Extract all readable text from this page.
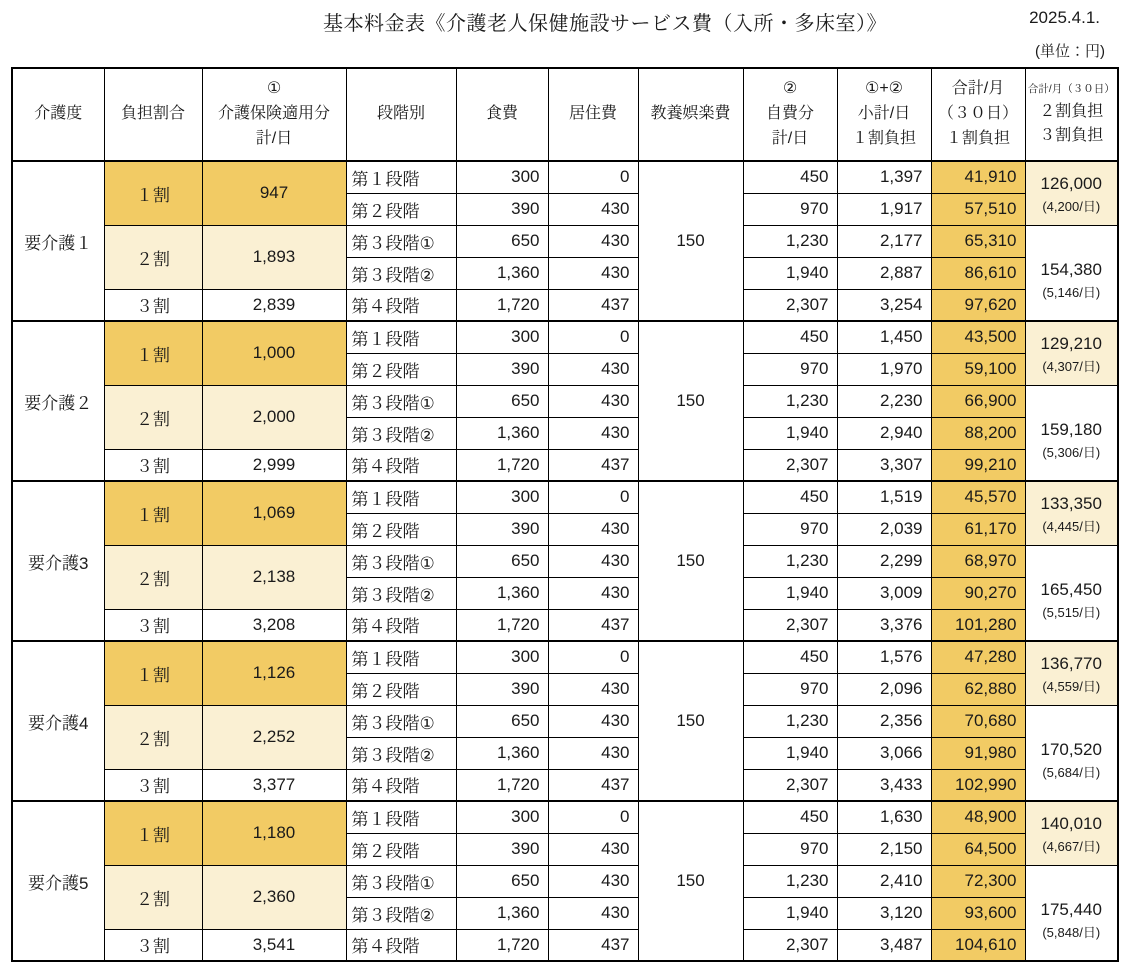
基本料金表《介護老人保健施設サービス費（入所・多床室）》	2025.4.1.
(単位：円)
介護度	負担割合	
①
介護保険適用分
計/日
	段階別	食費	居住費	教養娯楽費	
②
自費分
計/日

①+②
小計/日
１割負担

合計/月
（３０日）
１割負担

合計/月（３０日）
２割負担
３割負担

要介護１	１割	947	第１段階	300	0	150	450	1,397	41,910	126,000
(4,200/日)

			第２段階	390	430		970	1,917	57,510	
	２割	1,893	第３段階①	650	430		1,230	2,177	65,310	154,380
(5,146/日)

			第３段階②	1,360	430		1,940	2,887	86,610	
	３割	2,839	第４段階	1,720	437		2,307	3,254	97,620	
要介護２	１割	1,000	第１段階	300	0	150	450	1,450	43,500	129,210
(4,307/日)

			第２段階	390	430		970	1,970	59,100	
	２割	2,000	第３段階①	650	430		1,230	2,230	66,900	159,180
(5,306/日)

			第３段階②	1,360	430		1,940	2,940	88,200	
	３割	2,999	第４段階	1,720	437		2,307	3,307	99,210	
要介護3	１割	1,069	第１段階	300	0	150	450	1,519	45,570	133,350
(4,445/日)

			第２段階	390	430		970	2,039	61,170	
	２割	2,138	第３段階①	650	430		1,230	2,299	68,970	165,450
(5,515/日)

			第３段階②	1,360	430		1,940	3,009	90,270	
	３割	3,208	第４段階	1,720	437		2,307	3,376	101,280	
要介護4	１割	1,126	第１段階	300	0	150	450	1,576	47,280	136,770
(4,559/日)

			第２段階	390	430		970	2,096	62,880	
	２割	2,252	第３段階①	650	430		1,230	2,356	70,680	170,520
(5,684/日)

			第３段階②	1,360	430		1,940	3,066	91,980	
	３割	3,377	第４段階	1,720	437		2,307	3,433	102,990	
要介護5	１割	1,180	第１段階	300	0	150	450	1,630	48,900	140,010
(4,667/日)

			第２段階	390	430		970	2,150	64,500	
	２割	2,360	第３段階①	650	430		1,230	2,410	72,300	175,440
(5,848/日)

			第３段階②	1,360	430		1,940	3,120	93,600	
	３割	3,541	第４段階	1,720	437		2,307	3,487	104,610	
